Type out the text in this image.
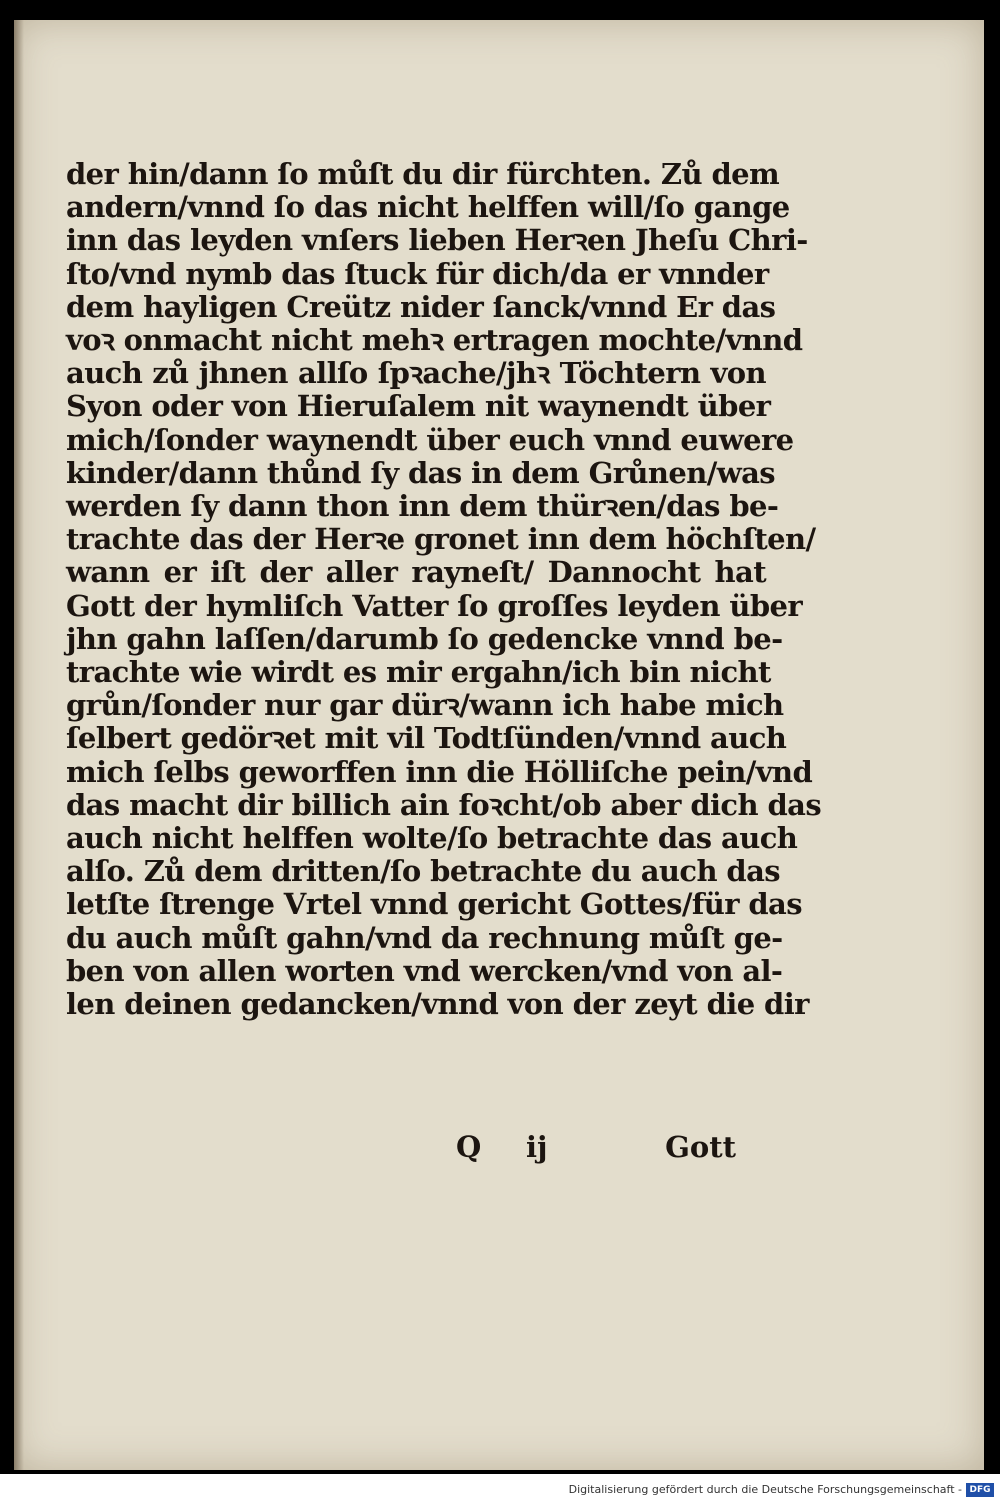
der hin/dann ſo můſt du dir fürchten. Zů dem
andern/vnnd ſo das nicht helffen will/ſo gange
inn das leyden vnſers lieben Herꝛen Jheſu Chri-
ſto/vnd nymb das ſtuck für dich/da er vnnder
dem hayligen Creütz nider ſanck/vnnd Er das
voꝛ onmacht nicht mehꝛ ertragen mochte/vnnd
auch zů jhnen allſo ſpꝛache/jhꝛ Töchtern von
Syon oder von Hieruſalem nit waynendt über
mich/ſonder waynendt über euch vnnd euwere
kinder/dann thůnd ſy das in dem Grůnen/was
werden ſy dann thon inn dem thürꝛen/das be-
trachte das der Herꝛe gronet inn dem höchſten/
wann er iſt der aller rayneſt/ Dannocht hat
Gott der hymliſch Vatter ſo groſſes leyden über
jhn gahn laſſen/darumb ſo gedencke vnnd be-
trachte wie wirdt es mir ergahn/ich bin nicht
grůn/ſonder nur gar dürꝛ/wann ich habe mich
ſelbert gedörꝛet mit vil Todtſünden/vnnd auch
mich ſelbs geworffen inn die Hölliſche pein/vnd
das macht dir billich ain foꝛcht/ob aber dich das
auch nicht helffen wolte/ſo betrachte das auch
alſo. Zů dem dritten/ſo betrachte du auch das
letſte ſtrenge Vrtel vnnd gericht Gottes/für das
du auch můſt gahn/vnd da rechnung můſt ge-
ben von allen worten vnd wercken/vnd von al-
len deinen gedancken/vnnd von der zeyt die dir
Q ij	Gott
Digitalisierung gefördert durch die Deutsche Forschungsgemeinschaft - DFG
